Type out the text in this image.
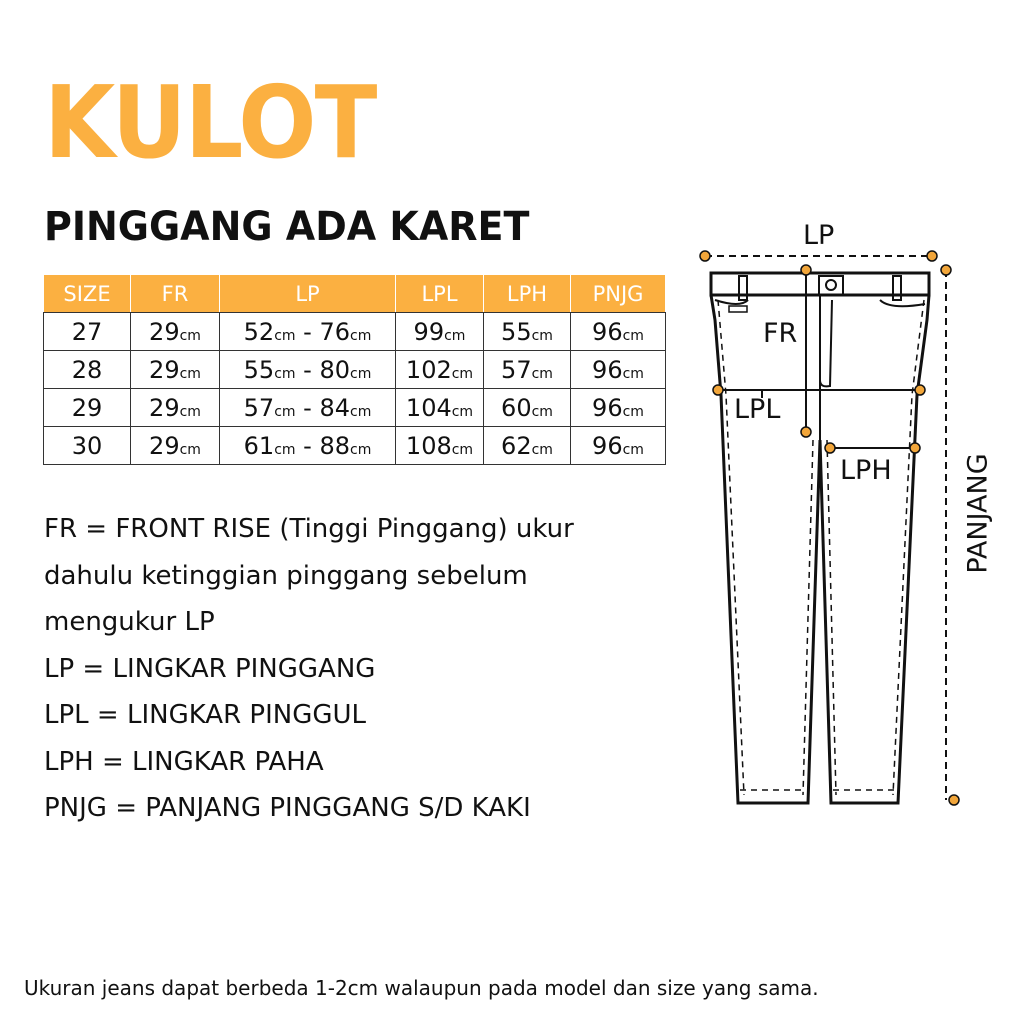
KULOT
PINGGANG ADA KARET
SIZE	FR	LP	LPL	LPH	PNJG
27	29cm	52cm - 76cm	99cm	55cm	96cm
28	29cm	55cm - 80cm	102cm	57cm	96cm
29	29cm	57cm - 84cm	104cm	60cm	96cm
30	29cm	61cm - 88cm	108cm	62cm	96cm

FR = FRONT RISE (Tinggi Pinggang) ukur

dahulu ketinggian pinggang sebelum

mengukur LP

LP = LINGKAR PINGGANG

LPL = LINGKAR PINGGUL

LPH = LINGKAR PAHA

PNJG = PANJANG PINGGANG S/D KAKI

LP
FR
LPL
LPH	PANJANG
Ukuran jeans dapat berbeda 1-2cm walaupun pada model dan size yang sama.
